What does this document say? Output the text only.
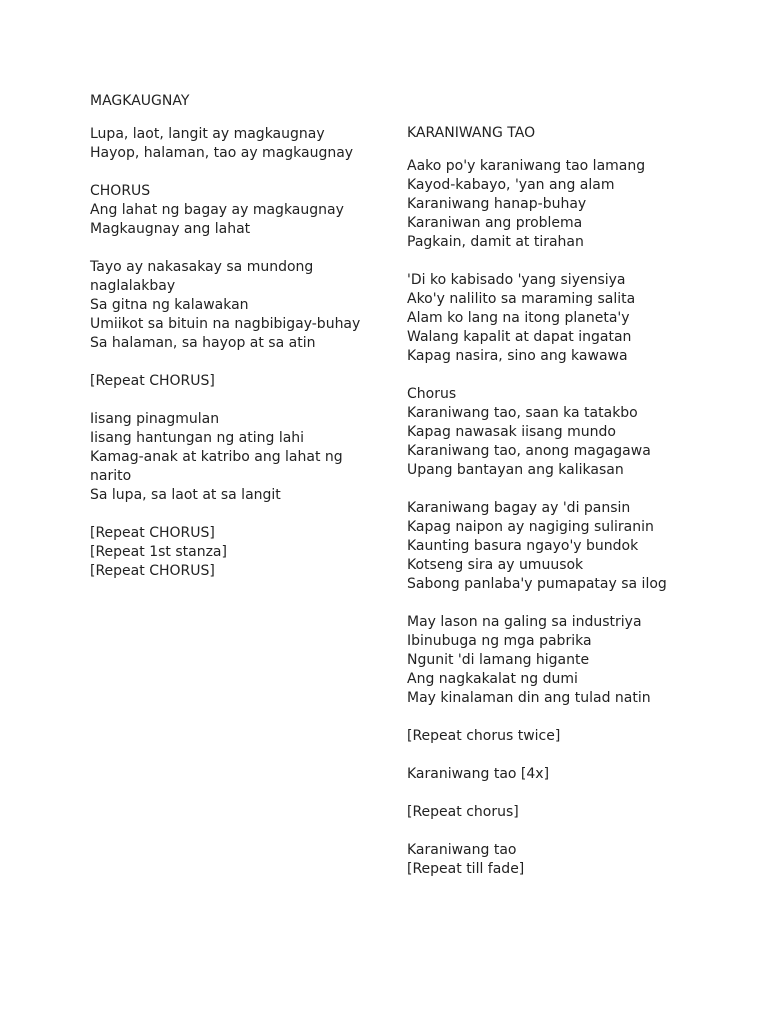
MAGKAUGNAY
Lupa, laot, langit ay magkaugnay
Hayop, halaman, tao ay magkaugnay
CHORUS
Ang lahat ng bagay ay magkaugnay
Magkaugnay ang lahat
Tayo ay nakasakay sa mundong
naglalakbay
Sa gitna ng kalawakan
Umiikot sa bituin na nagbibigay-buhay
Sa halaman, sa hayop at sa atin
[Repeat CHORUS]
Iisang pinagmulan
Iisang hantungan ng ating lahi
Kamag-anak at katribo ang lahat ng
narito
Sa lupa, sa laot at sa langit
[Repeat CHORUS]
[Repeat 1st stanza]
[Repeat CHORUS]
KARANIWANG TAO
Aako po'y karaniwang tao lamang
Kayod-kabayo, 'yan ang alam
Karaniwang hanap-buhay
Karaniwan ang problema
Pagkain, damit at tirahan
'Di ko kabisado 'yang siyensiya
Ako'y nalilito sa maraming salita
Alam ko lang na itong planeta'y
Walang kapalit at dapat ingatan
Kapag nasira, sino ang kawawa
Chorus
Karaniwang tao, saan ka tatakbo
Kapag nawasak iisang mundo
Karaniwang tao, anong magagawa
Upang bantayan ang kalikasan
Karaniwang bagay ay 'di pansin
Kapag naipon ay nagiging suliranin
Kaunting basura ngayo'y bundok
Kotseng sira ay umuusok
Sabong panlaba'y pumapatay sa ilog
May lason na galing sa industriya
Ibinubuga ng mga pabrika
Ngunit 'di lamang higante
Ang nagkakalat ng dumi
May kinalaman din ang tulad natin
[Repeat chorus twice]
Karaniwang tao [4x]
[Repeat chorus]
Karaniwang tao
[Repeat till fade]
